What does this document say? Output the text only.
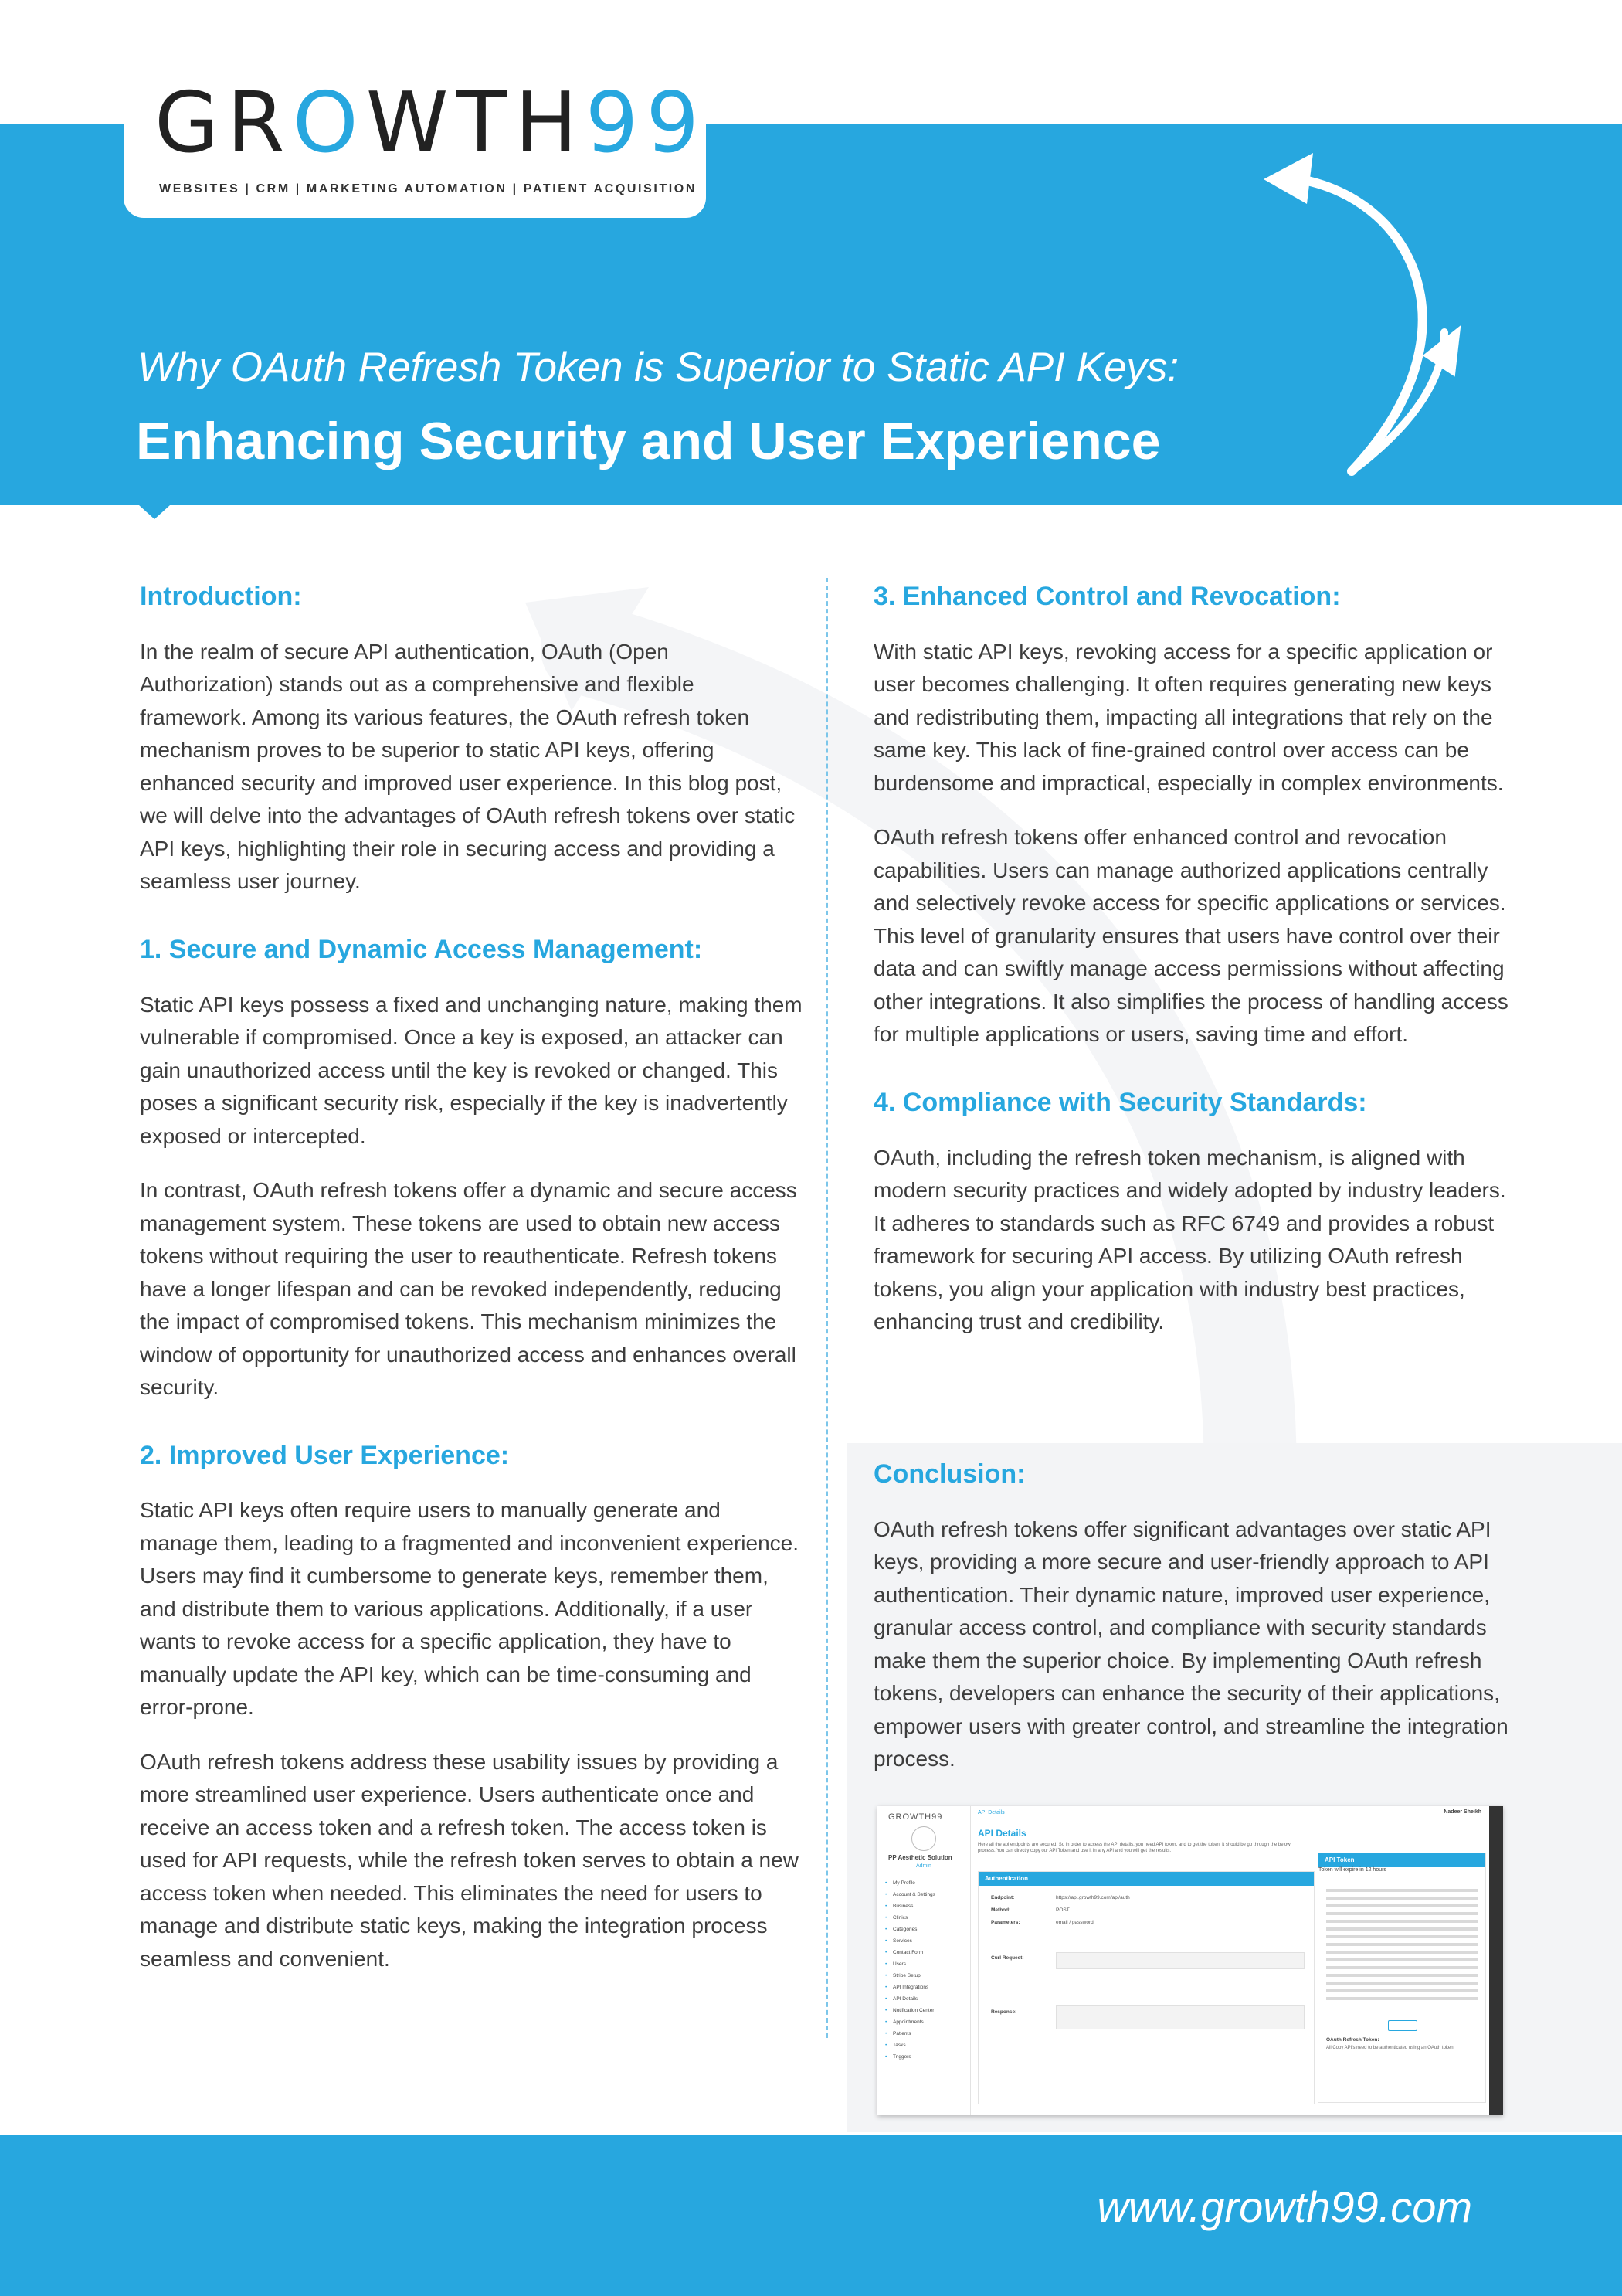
GROWTH99
WEBSITES | CRM | MARKETING AUTOMATION | PATIENT ACQUISITION
Why OAuth Refresh Token is Superior to Static API Keys:
Enhancing Security and User Experience
Introduction:

In the realm of secure API authentication, OAuth (Open Authorization) stands out as a comprehensive and flexible framework. Among its various features, the OAuth refresh token mechanism proves to be superior to static API keys, offering enhanced security and improved user experience. In this blog post, we will delve into the advantages of OAuth refresh tokens over static API keys, highlighting their role in securing access and providing a seamless user journey.

1. Secure and Dynamic Access Management:

Static API keys possess a fixed and unchanging nature, making them vulnerable if compromised. Once a key is exposed, an attacker can gain unauthorized access until the key is revoked or changed. This poses a significant security risk, especially if the key is inadvertently exposed or intercepted.

In contrast, OAuth refresh tokens offer a dynamic and secure access management system. These tokens are used to obtain new access tokens without requiring the user to reauthenticate. Refresh tokens have a longer lifespan and can be revoked independently, reducing the impact of compromised tokens. This mechanism minimizes the window of opportunity for unauthorized access and enhances overall security.

2. Improved User Experience:

Static API keys often require users to manually generate and manage them, leading to a fragmented and inconvenient experience. Users may find it cumbersome to generate keys, remember them, and distribute them to various applications. Additionally, if a user wants to revoke access for a specific application, they have to manually update the API key, which can be time-consuming and error-prone.

OAuth refresh tokens address these usability issues by providing a more streamlined user experience. Users authenticate once and receive an access token and a refresh token. The access token is used for API requests, while the refresh token serves to obtain a new access token when needed. This eliminates the need for users to manage and distribute static keys, making the integration process seamless and convenient.

3. Enhanced Control and Revocation:

With static API keys, revoking access for a specific application or user becomes challenging. It often requires generating new keys and redistributing them, impacting all integrations that rely on the same key. This lack of fine-grained control over access can be burdensome and impractical, especially in complex environments.

OAuth refresh tokens offer enhanced control and revocation capabilities. Users can manage authorized applications centrally and selectively revoke access for specific applications or services. This level of granularity ensures that users have control over their data and can swiftly manage access permissions without affecting other integrations. It also simplifies the process of handling access for multiple applications or users, saving time and effort.

4. Compliance with Security Standards:

OAuth, including the refresh token mechanism, is aligned with modern security practices and widely adopted by industry leaders. It adheres to standards such as RFC 6749 and provides a robust framework for securing API access. By utilizing OAuth refresh tokens, you align your application with industry best practices, enhancing trust and credibility.

Conclusion:

OAuth refresh tokens offer significant advantages over static API keys, providing a more secure and user-friendly approach to API authentication. Their dynamic nature, improved user experience, granular access control, and compliance with security standards make them the superior choice. By implementing OAuth refresh tokens, developers can enhance the security of their applications, empower users with greater control, and streamline the integration process.

GROWTH99
PP Aesthetic Solution
Admin
• My Profile
• Account & Settings
• Business
• Clinics
• Categories
• Services
• Contact Form
• Users
• Stripe Setup
• API Integrations
• API Details
• Notification Center
• Appointments
• Patients
• Tasks
• Triggers
API Details	Nadeer Sheikh
API Details
Here all the api endpoints are secured. So in order to access the API details, you need API token, and to get the token, it should be go through the below process. You can directly copy our API Token and use it in any API and you will get the results.
Authentication
Endpoint:	https://api.growth99.com/api/auth
Method:	POST
Parameters:	email / password
Curl Request:
Response:
API Token
Token will expire in 12 hours
OAuth Refresh Token:
All Copy API's need to be authenticated using an OAuth token.
www.growth99.com
